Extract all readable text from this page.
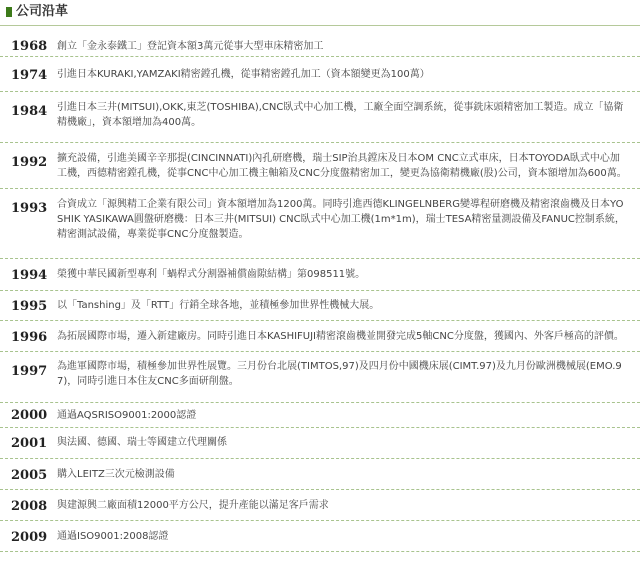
公司沿革
1968 創立「金永泰鐵工」登記資本額3萬元從事大型車床精密加工
1974 引進日本KURAKI,YAMZAKI精密鏜孔機，從事精密鏜孔加工（資本額變更為100萬）
1984 引進日本三井(MITSUI),OKK,東芝(TOSHIBA),CNC臥式中心加工機，工廠全面空調系統，從事銑床頭精密加工製造。成立「協衛精機廠」，資本額增加為400萬。
1992 擴充設備，引進美國辛辛那提(CINCINNATI)內孔研磨機，瑞士SIP治具鏜床及日本OM CNC立式車床，日本TOYODA臥式中心加工機，西德精密鏜孔機，從事CNC中心加工機主軸箱及CNC分度盤精密加工，變更為協衛精機廠(股)公司，資本額增加為600萬。
1993 合資成立「源興精工企業有限公司」資本額增加為1200萬。同時引進西德KLINGELNBERG變導程研磨機及精密滾齒機及日本YOSHIK YASIKAWA圓盤研磨機：日本三井(MITSUI) CNC臥式中心加工機(1m*1m)，瑞士TESA精密量測設備及FANUC控制系統，精密測試設備，專業從事CNC分度盤製造。
1994 榮獲中華民國新型專利「蝸桿式分割器補償齒隙結構」第098511號。
1995 以「Tanshing」及「RTT」行銷全球各地，並積極參加世界性機械大展。
1996 為拓展國際市場，遷入新建廠房。同時引進日本KASHIFUJI精密滾齒機並開發完成5軸CNC分度盤，獲國內、外客戶極高的評價。
1997 為進軍國際市場，積極參加世界性展覽。三月份台北展(TIMTOS,97)及四月份中國機床展(CIMT.97)及九月份歐洲機械展(EMO.97)，同時引進日本住友CNC多面研削盤。
2000 通過AQSRISO9001:2000認證
2001 與法國、德國、瑞士等國建立代理關係
2005 購入LEITZ三次元檢測設備
2008 與建源興二廠面積12000平方公尺，提升產能以滿足客戶需求
2009 通過ISO9001:2008認證
